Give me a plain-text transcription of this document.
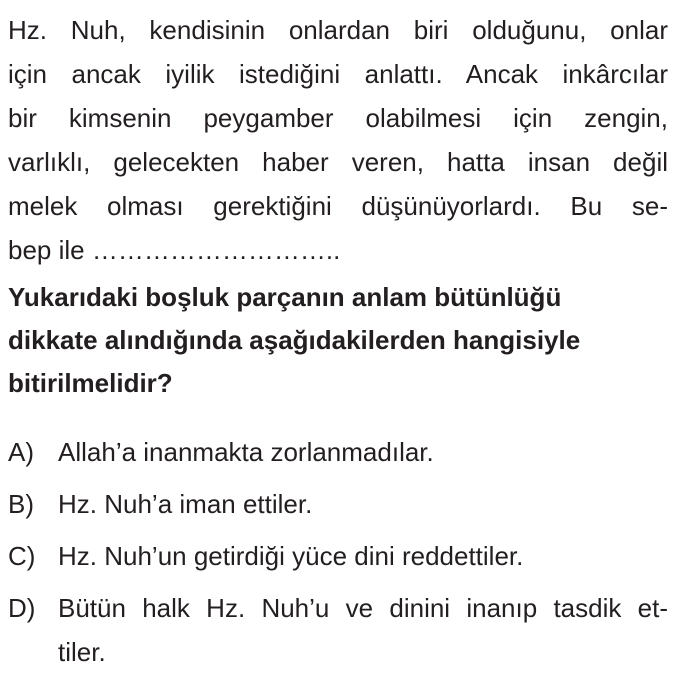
Hz. Nuh, kendisinin onlardan biri olduğunu, onlar
için ancak iyilik istediğini anlattı. Ancak inkârcılar
bir kimsenin peygamber olabilmesi için zengin,
varlıklı, gelecekten haber veren, hatta insan değil
melek olması gerektiğini düşünüyorlardı. Bu se-
bep ile ………………………..
Yukarıdaki boşluk parçanın anlam bütünlüğü
dikkate alındığında aşağıdakilerden hangisiyle
bitirilmelidir?
A) Allah’a inanmakta zorlanmadılar.
B) Hz. Nuh’a iman ettiler.
C) Hz. Nuh’un getirdiği yüce dini reddettiler.
D) Bütün halk Hz. Nuh’u ve dinini inanıp tasdik et-
tiler.
